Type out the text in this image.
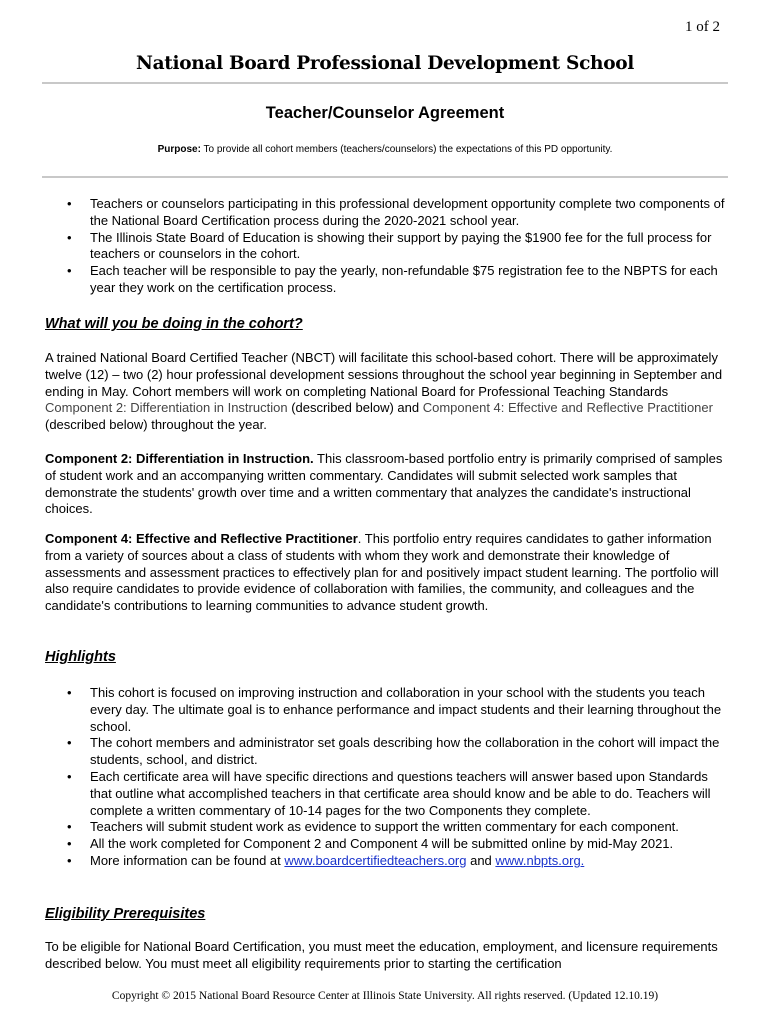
1 of 2
National Board Professional Development School
Teacher/Counselor Agreement
Purpose: To provide all cohort members (teachers/counselors) the expectations of this PD opportunity.
• Teachers or counselors participating in this professional development opportunity complete two components of the National Board Certification process during the 2020-2021 school year.
• The Illinois State Board of Education is showing their support by paying the $1900 fee for the full process for teachers or counselors in the cohort.
• Each teacher will be responsible to pay the yearly, non-refundable $75 registration fee to the NBPTS for each year they work on the certification process.
What will you be doing in the cohort?

A trained National Board Certified Teacher (NBCT) will facilitate this school-based cohort. There will be approximately twelve (12) – two (2) hour professional development sessions throughout the school year beginning in September and ending in May. Cohort members will work on completing National Board for Professional Teaching Standards Component 2: Differentiation in Instruction (described below) and Component 4: Effective and Reflective Practitioner (described below) throughout the year.

Component 2: Differentiation in Instruction. This classroom-based portfolio entry is primarily comprised of samples of student work and an accompanying written commentary. Candidates will submit selected work samples that demonstrate the students' growth over time and a written commentary that analyzes the candidate's instructional choices.

Component 4: Effective and Reflective Practitioner. This portfolio entry requires candidates to gather information from a variety of sources about a class of students with whom they work and demonstrate their knowledge of assessments and assessment practices to effectively plan for and positively impact student learning. The portfolio will also require candidates to provide evidence of collaboration with families, the community, and colleagues and the candidate's contributions to learning communities to advance student growth.

Highlights
• This cohort is focused on improving instruction and collaboration in your school with the students you teach every day. The ultimate goal is to enhance performance and impact students and their learning throughout the school.
• The cohort members and administrator set goals describing how the collaboration in the cohort will impact the students, school, and district.
• Each certificate area will have specific directions and questions teachers will answer based upon Standards that outline what accomplished teachers in that certificate area should know and be able to do. Teachers will complete a written commentary of 10-14 pages for the two Components they complete.
• Teachers will submit student work as evidence to support the written commentary for each component.
• All the work completed for Component 2 and Component 4 will be submitted online by mid-May 2021.
• More information can be found at www.boardcertifiedteachers.org and www.nbpts.org.
Eligibility Prerequisites

To be eligible for National Board Certification, you must meet the education, employment, and licensure requirements described below. You must meet all eligibility requirements prior to starting the certification

Copyright © 2015 National Board Resource Center at Illinois State University. All rights reserved. (Updated 12.10.19)
